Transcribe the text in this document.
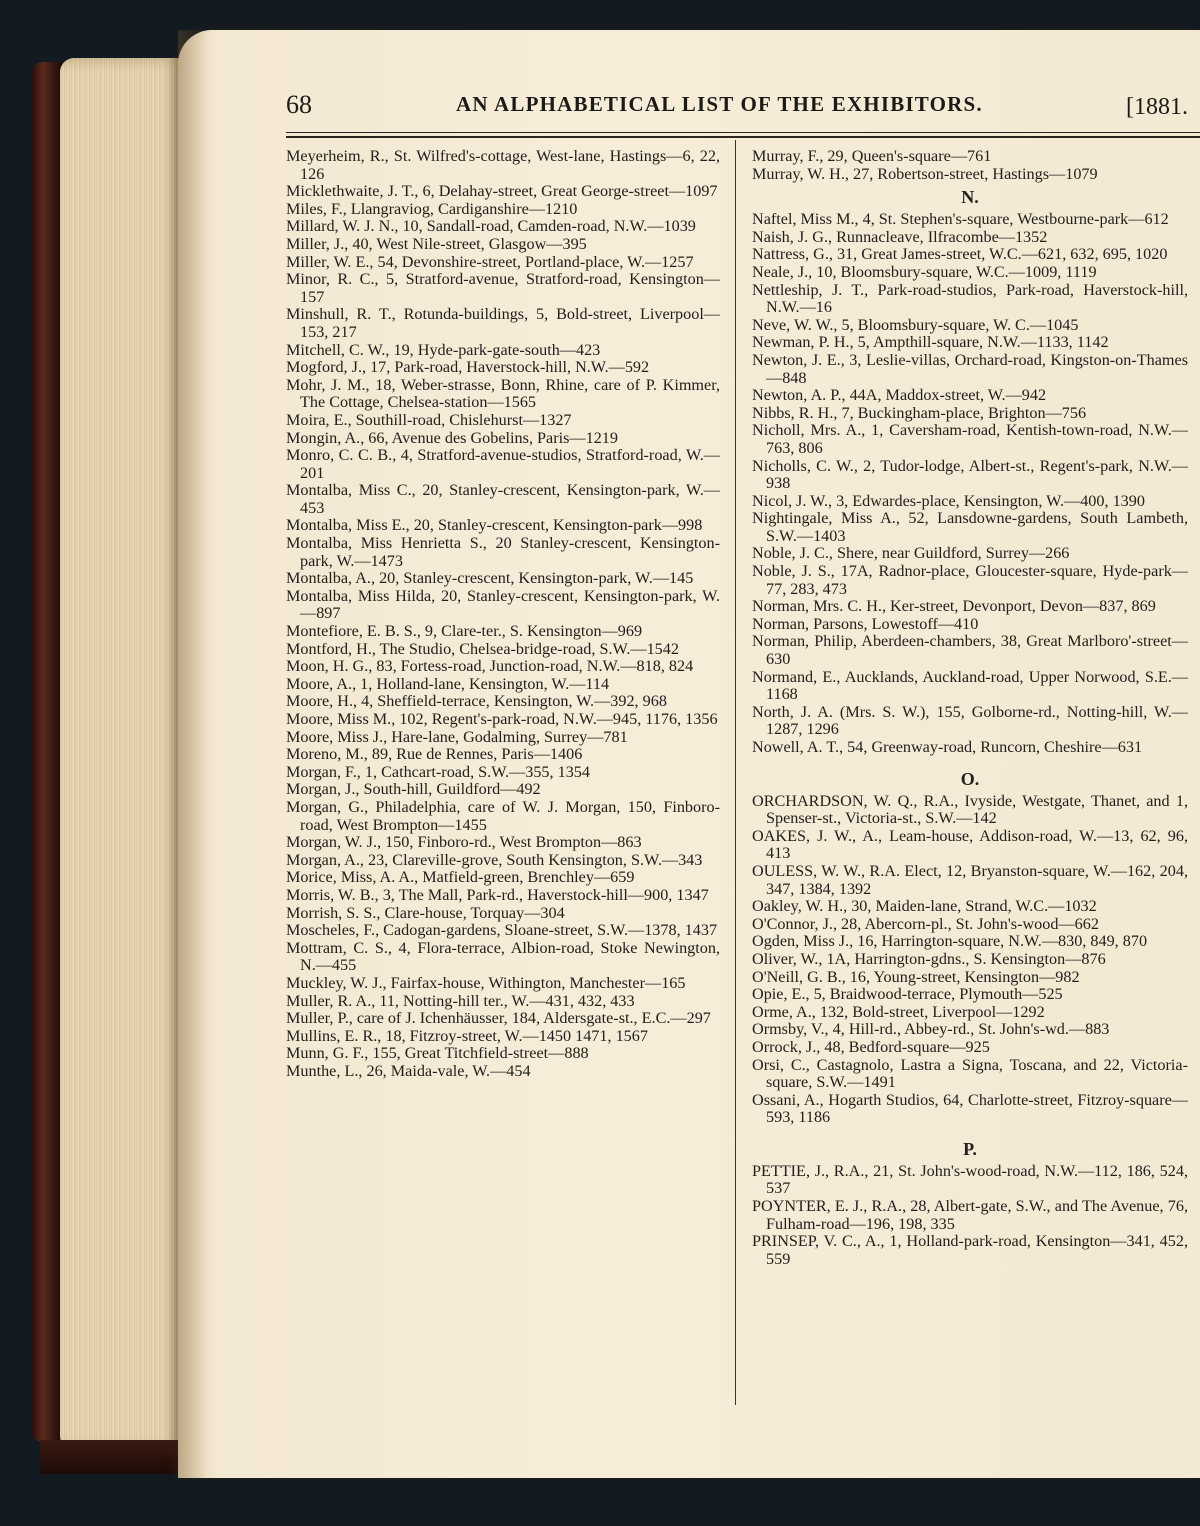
68	AN ALPHABETICAL LIST OF THE EXHIBITORS.	[1881.

Meyerheim, R., St. Wilfred's-cottage, West-lane, Hastings—6, 22, 126

Micklethwaite, J. T., 6, Delahay-street, Great George-street—1097

Miles, F., Llangraviog, Cardiganshire—1210

Millard, W. J. N., 10, Sandall-road, Camden-road, N.W.—1039

Miller, J., 40, West Nile-street, Glasgow—395

Miller, W. E., 54, Devonshire-street, Portland-place, W.—1257

Minor, R. C., 5, Stratford-avenue, Stratford-road, Kensington—157

Minshull, R. T., Rotunda-buildings, 5, Bold-street, Liverpool—153, 217

Mitchell, C. W., 19, Hyde-park-gate-south—423

Mogford, J., 17, Park-road, Haverstock-hill, N.W.—592

Mohr, J. M., 18, Weber-strasse, Bonn, Rhine, care of P. Kimmer, The Cottage, Chelsea-station—1565

Moira, E., Southill-road, Chislehurst—1327

Mongin, A., 66, Avenue des Gobelins, Paris—1219

Monro, C. C. B., 4, Stratford-avenue-studios, Stratford-road, W.—201

Montalba, Miss C., 20, Stanley-crescent, Kensington-park, W.—453

Montalba, Miss E., 20, Stanley-crescent, Kensington-park—998

Montalba, Miss Henrietta S., 20 Stanley-crescent, Kensington-park, W.—1473

Montalba, A., 20, Stanley-crescent, Kensington-park, W.—145

Montalba, Miss Hilda, 20, Stanley-crescent, Kensington-park, W.—897

Montefiore, E. B. S., 9, Clare-ter., S. Kensington—969

Montford, H., The Studio, Chelsea-bridge-road, S.W.—1542

Moon, H. G., 83, Fortess-road, Junction-road, N.W.—818, 824

Moore, A., 1, Holland-lane, Kensington, W.—114

Moore, H., 4, Sheffield-terrace, Kensington, W.—392, 968

Moore, Miss M., 102, Regent's-park-road, N.W.—945, 1176, 1356

Moore, Miss J., Hare-lane, Godalming, Surrey—781

Moreno, M., 89, Rue de Rennes, Paris—1406

Morgan, F., 1, Cathcart-road, S.W.—355, 1354

Morgan, J., South-hill, Guildford—492

Morgan, G., Philadelphia, care of W. J. Morgan, 150, Finboro-road, West Brompton—1455

Morgan, W. J., 150, Finboro-rd., West Brompton—863

Morgan, A., 23, Clareville-grove, South Kensington, S.W.—343

Morice, Miss, A. A., Matfield-green, Brenchley—659

Morris, W. B., 3, The Mall, Park-rd., Haverstock-hill—900, 1347

Morrish, S. S., Clare-house, Torquay—304

Moscheles, F., Cadogan-gardens, Sloane-street, S.W.—1378, 1437

Mottram, C. S., 4, Flora-terrace, Albion-road, Stoke Newington, N.—455

Muckley, W. J., Fairfax-house, Withington, Manchester—165

Muller, R. A., 11, Notting-hill ter., W.—431, 432, 433

Muller, P., care of J. Ichenhäusser, 184, Aldersgate-st., E.C.—297

Mullins, E. R., 18, Fitzroy-street, W.—1450 1471, 1567

Munn, G. F., 155, Great Titchfield-street—888

Munthe, L., 26, Maida-vale, W.—454

Murray, F., 29, Queen's-square—761

Murray, W. H., 27, Robertson-street, Hastings—1079

N.

Naftel, Miss M., 4, St. Stephen's-square, Westbourne-park—612

Naish, J. G., Runnacleave, Ilfracombe—1352

Nattress, G., 31, Great James-street, W.C.—621, 632, 695, 1020

Neale, J., 10, Bloomsbury-square, W.C.—1009, 1119

Nettleship, J. T., Park-road-studios, Park-road, Haverstock-hill, N.W.—16

Neve, W. W., 5, Bloomsbury-square, W. C.—1045

Newman, P. H., 5, Ampthill-square, N.W.—1133, 1142

Newton, J. E., 3, Leslie-villas, Orchard-road, Kingston-on-Thames—848

Newton, A. P., 44A, Maddox-street, W.—942

Nibbs, R. H., 7, Buckingham-place, Brighton—756

Nicholl, Mrs. A., 1, Caversham-road, Kentish-town-road, N.W.—763, 806

Nicholls, C. W., 2, Tudor-lodge, Albert-st., Regent's-park, N.W.—938

Nicol, J. W., 3, Edwardes-place, Kensington, W.—400, 1390

Nightingale, Miss A., 52, Lansdowne-gardens, South Lambeth, S.W.—1403

Noble, J. C., Shere, near Guildford, Surrey—266

Noble, J. S., 17A, Radnor-place, Gloucester-square, Hyde-park—77, 283, 473

Norman, Mrs. C. H., Ker-street, Devonport, Devon—837, 869

Norman, Parsons, Lowestoff—410

Norman, Philip, Aberdeen-chambers, 38, Great Marlboro'-street—630

Normand, E., Aucklands, Auckland-road, Upper Norwood, S.E.—1168

North, J. A. (Mrs. S. W.), 155, Golborne-rd., Notting-hill, W.—1287, 1296

Nowell, A. T., 54, Greenway-road, Runcorn, Cheshire—631

O.

ORCHARDSON, W. Q., R.A., Ivyside, Westgate, Thanet, and 1, Spenser-st., Victoria-st., S.W.—142

OAKES, J. W., A., Leam-house, Addison-road, W.—13, 62, 96, 413

OULESS, W. W., R.A. Elect, 12, Bryanston-square, W.—162, 204, 347, 1384, 1392

Oakley, W. H., 30, Maiden-lane, Strand, W.C.—1032

O'Connor, J., 28, Abercorn-pl., St. John's-wood—662

Ogden, Miss J., 16, Harrington-square, N.W.—830, 849, 870

Oliver, W., 1A, Harrington-gdns., S. Kensington—876

O'Neill, G. B., 16, Young-street, Kensington—982

Opie, E., 5, Braidwood-terrace, Plymouth—525

Orme, A., 132, Bold-street, Liverpool—1292

Ormsby, V., 4, Hill-rd., Abbey-rd., St. John's-wd.—883

Orrock, J., 48, Bedford-square—925

Orsi, C., Castagnolo, Lastra a Signa, Toscana, and 22, Victoria-square, S.W.—1491

Ossani, A., Hogarth Studios, 64, Charlotte-street, Fitzroy-square—593, 1186

P.

PETTIE, J., R.A., 21, St. John's-wood-road, N.W.—112, 186, 524, 537

POYNTER, E. J., R.A., 28, Albert-gate, S.W., and The Avenue, 76, Fulham-road—196, 198, 335

PRINSEP, V. C., A., 1, Holland-park-road, Kensington—341, 452, 559
